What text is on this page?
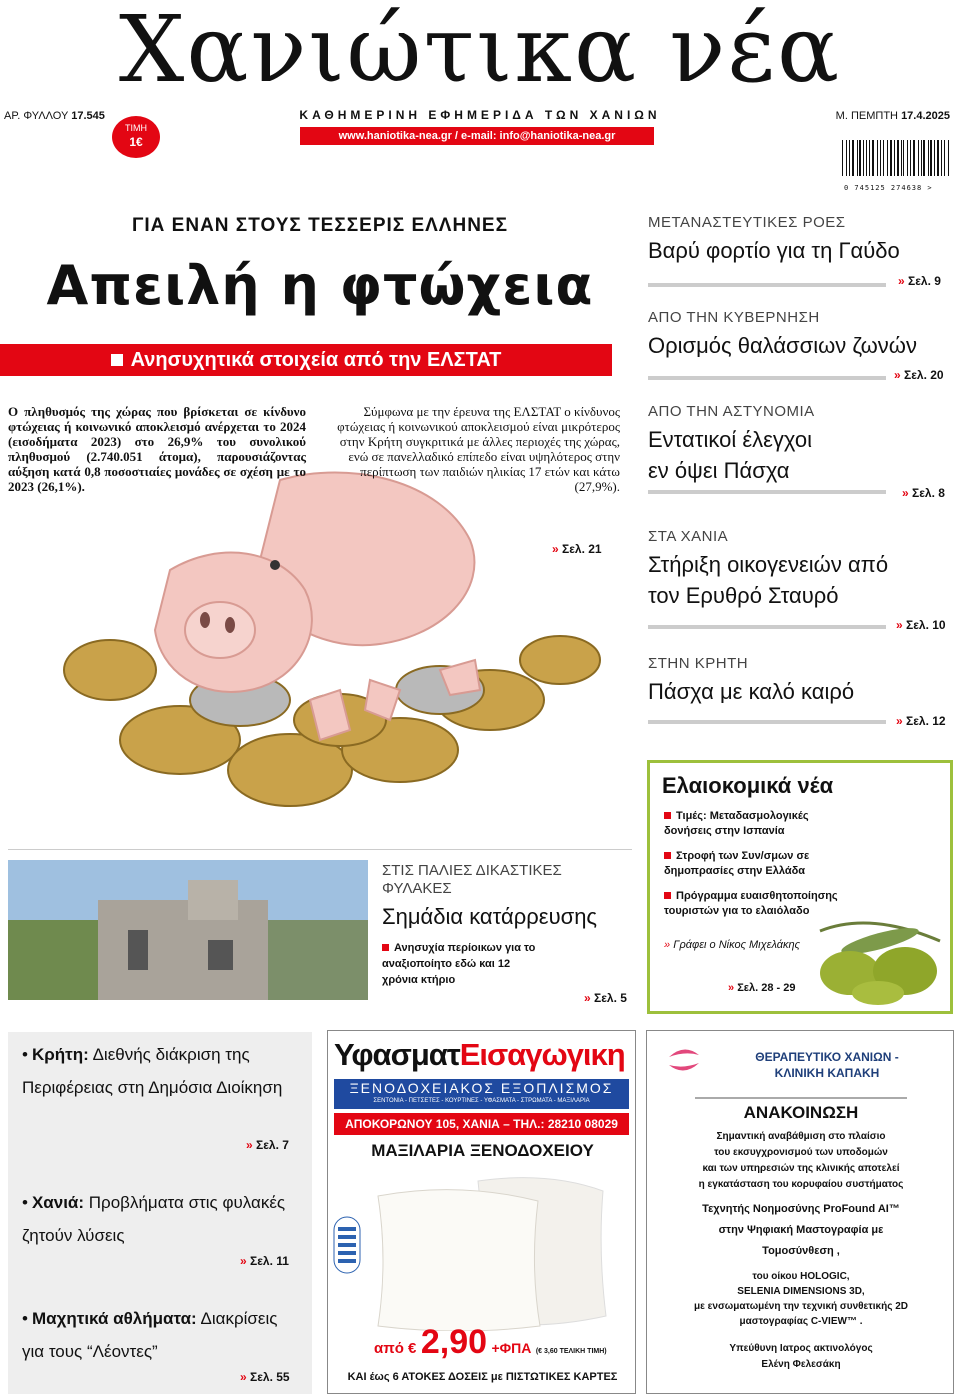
Χανιώτικα νέα
ΑΡ. ΦΥΛΛΟΥ 17.545	ΚΑΘΗΜΕΡΙΝΗ ΕΦΗΜΕΡΙΔΑ ΤΩΝ ΧΑΝΙΩΝ	Μ. ΠΕΜΠΤΗ 17.4.2025
ΤΙΜΗ
1€	www.haniotika-nea.gr / e-mail: info@haniotika-nea.gr
0 745125 274638 >
ΓΙΑ ΕΝΑΝ ΣΤΟΥΣ ΤΕΣΣΕΡΙΣ ΕΛΛΗΝΕΣ
Απειλή η φτώχεια
Ανησυχητικά στοιχεία από την ΕΛΣΤΑΤ
Ο πληθυσμός της χώρας που βρίσκεται σε κίνδυνο φτώχειας ή κοινωνικό αποκλεισμό ανέρχεται το 2024 (εισοδήματα 2023) στο 26,9% του συνολικού πληθυσμού (2.740.051 άτομα), παρουσιάζοντας αύξηση κατά 0,8 ποσοστιαίες μονάδες σε σχέση με το 2023 (26,1%).
Σύμφωνα με την έρευνα της ΕΛΣΤΑΤ ο κίνδυνος φτώχειας ή κοινωνικού αποκλεισμού είναι μικρότερος στην Κρήτη συγκριτικά με άλλες περιοχές της χώρας, ενώ σε πανελλαδικό επίπεδο είναι υψηλότερος στην περίπτωση των παιδιών ηλικίας 17 ετών και κάτω (27,9%).
» Σελ. 21
ΜΕΤΑΝΑΣΤΕΥΤΙΚΕΣ ΡΟΕΣ
Βαρύ φορτίο για τη Γαύδο
» Σελ. 9
ΑΠΟ ΤΗΝ ΚΥΒΕΡΝΗΣΗ
Ορισμός θαλάσσιων ζωνών
» Σελ. 20
ΑΠΟ ΤΗΝ ΑΣΤΥΝΟΜΙΑ
Εντατικοί έλεγχοι εν όψει Πάσχα
» Σελ. 8
ΣΤΑ ΧΑΝΙΑ
Στήριξη οικογενειών από τον Ερυθρό Σταυρό
» Σελ. 10
ΣΤΗΝ ΚΡΗΤΗ
Πάσχα με καλό καιρό
» Σελ. 12
Ελαιοκομικά νέα
Τιμές: Μεταδασμολογικές δονήσεις στην Ισπανία
Στροφή των Συν/σμων σε δημοπρασίες στην Ελλάδα
Πρόγραμμα ευαισθητοποίησης τουριστών για το ελαιόλαδο
» Γράφει ο Νίκος Μιχελάκης
» Σελ. 28 - 29
ΣΤΙΣ ΠΑΛΙΕΣ ΔΙΚΑΣΤΙΚΕΣ ΦΥΛΑΚΕΣ
Σημάδια κατάρρευσης
Ανησυχία περίοικων για το αναξιοποίητο εδώ και 12 χρόνια κτήριο
» Σελ. 5
• Κρήτη: Διεθνής διάκριση της Περιφέρειας στη Δημόσια Διοίκηση
» Σελ. 7
• Χανιά: Προβλήματα στις φυλακές ζητούν λύσεις
» Σελ. 11
• Μαχητικά αθλήματα: Διακρίσεις για τους “Λέοντες”
» Σελ. 55
ΥφασματΕισαγωγικη
ΞΕΝΟΔΟΧΕΙΑΚΟΣ ΕΞΟΠΛΙΣΜΟΣ
ΣΕΝΤΟΝΙΑ - ΠΕΤΣΕΤΕΣ - ΚΟΥΡΤΙΝΕΣ - ΥΦΑΣΜΑΤΑ - ΣΤΡΩΜΑΤΑ - ΜΑΞΙΛΑΡΙΑ
ΑΠΟΚΟΡΩΝΟΥ 105, ΧΑΝΙΑ – ΤΗΛ.: 28210 08029
ΜΑΞΙΛΑΡΙΑ ΞΕΝΟΔΟΧΕΙΟΥ
από € 2,90 +ΦΠΑ (€ 3,60 ΤΕΛΙΚΗ ΤΙΜΗ)
ΚΑΙ έως 6 ΑΤΟΚΕΣ ΔΟΣΕΙΣ με ΠΙΣΤΩΤΙΚΕΣ ΚΑΡΤΕΣ
ΘΕΡΑΠΕΥΤΙΚΟ ΧΑΝΙΩΝ -
ΚΛΙΝΙΚΗ ΚΑΠΑΚΗ
ΑΝΑΚΟΙΝΩΣΗ
Σημαντική αναβάθμιση στο πλαίσιο
του εκσυγχρονισμού των υποδομών
και των υπηρεσιών της κλινικής αποτελεί
η εγκατάσταση του κορυφαίου συστήματος
Τεχνητής Νοημοσύνης ProFound AI™
στην Ψηφιακή Μαστογραφία με
Τομοσύνθεση ,
του οίκου HOLOGIC,
SELENIA DIMENSIONS 3D,
με ενσωματωμένη την τεχνική συνθετικής 2D
μαστογραφίας C-VIEW™ .
Υπεύθυνη Ιατρος ακτινολόγος
Ελένη Φελεσάκη
